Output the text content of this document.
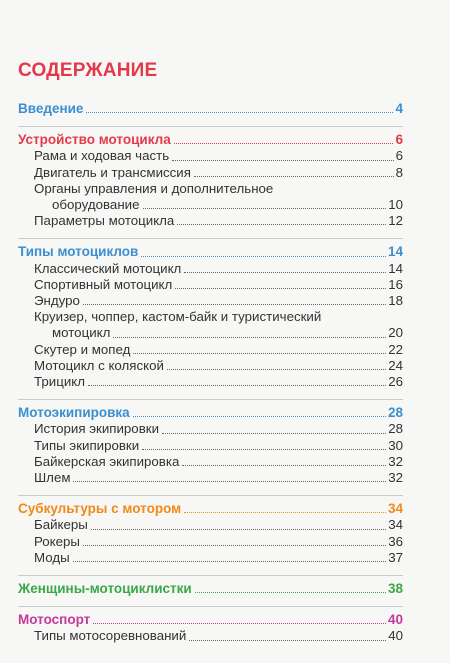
СОДЕРЖАНИЕ
Введение	4
Устройство мотоцикла	6
Рама и ходовая часть	6
Двигатель и трансмиссия	8
Органы управления и дополнительное
оборудование	10
Параметры мотоцикла	12
Типы мотоциклов	14
Классический мотоцикл	14
Спортивный мотоцикл	16
Эндуро	18
Круизер, чоппер, кастом-байк и туристический
мотоцикл	20
Скутер и мопед	22
Мотоцикл с коляской	24
Трицикл	26
Мотоэкипировка	28
История экипировки	28
Типы экипировки	30
Байкерская экипировка	32
Шлем	32
Субкультуры с мотором	34
Байкеры	34
Рокеры	36
Моды	37
Женщины-мотоциклистки	38
Мотоспорт	40
Типы мотосоревнований	40
